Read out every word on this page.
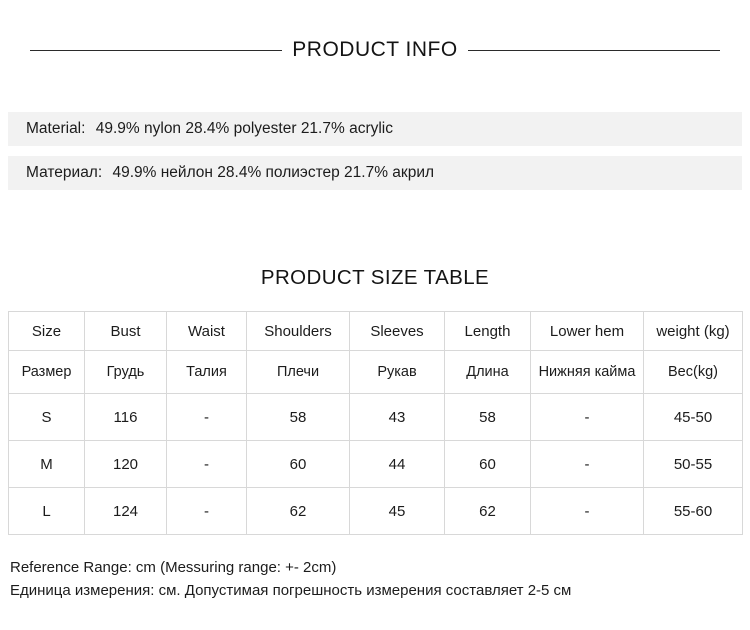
PRODUCT INFO
Material: 49.9% nylon 28.4% polyester 21.7% acrylic
Материал: 49.9% нейлон 28.4% полиэстер 21.7% акрил
PRODUCT SIZE TABLE
Size	Bust	Waist	Shoulders	Sleeves	Length	Lower hem	weight (kg)
Размер	Грудь	Талия	Плечи	Рукав	Длина	Нижняя кайма	Вес(kg)
S	116	-	58	43	58	-	45-50
M	120	-	60	44	60	-	50-55
L	124	-	62	45	62	-	55-60
Reference Range: cm (Messuring range: +- 2cm)
Единица измерения: см. Допустимая погрешность измерения составляет 2-5 см
